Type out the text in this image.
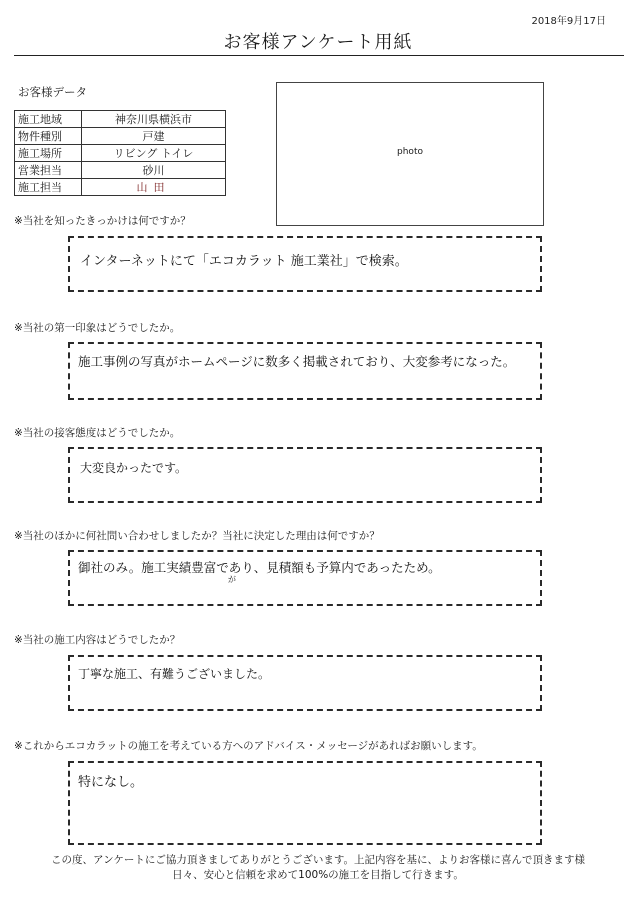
2018年9月17日
お客様アンケート用紙
お客様データ
施工地域	神奈川県横浜市
物件種別	戸建
施工場所	リビング トイレ
営業担当	砂川
施工担当	山田
photo
※当社を知ったきっかけは何ですか？
インターネットにて「エコカラット 施工業社」で検索。
※当社の第一印象はどうでしたか。
施工事例の写真がホームページに数多く掲載されており、大変参考になった。
※当社の接客態度はどうでしたか。
大変良かったです。
※当社のほかに何社問い合わせしましたか？当社に決定した理由は何ですか？
御社のみ。施工実績豊富であり、見積額も予算内であったため。
が
※当社の施工内容はどうでしたか？
丁寧な施工、有難うございました。
※これからエコカラットの施工を考えている方へのアドバイス・メッセージがあればお願いします。
特になし。
この度、アンケートにご協力頂きましてありがとうございます。上記内容を基に、よりお客様に喜んで頂きます様
日々、安心と信頼を求めて100%の施工を目指して行きます。
